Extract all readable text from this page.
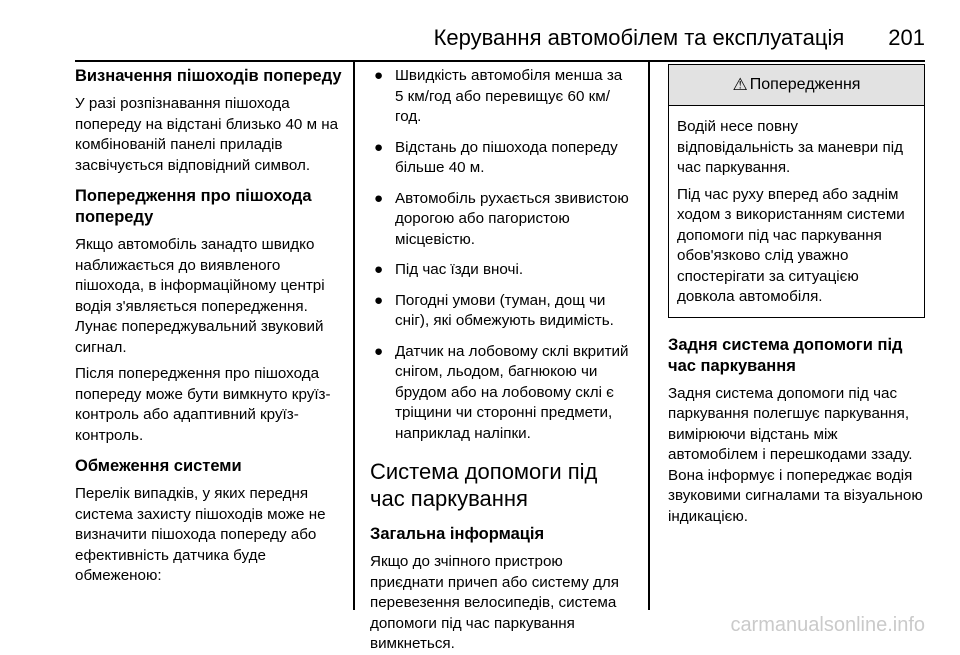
Керування автомобілем та експлуатація 201
Визначення пішоходів попереду

У разі розпізнавання пішохода попереду на відстані близько 40 м на комбінованій панелі приладів засвічується відповідний символ.

Попередження про пішохода попереду

Якщо автомобіль занадто швидко наближається до виявленого пішохода, в інформаційному центрі водія з'являється попередження. Лунає попереджувальний звуковий сигнал.

Після попередження про пішохода попереду може бути вимкнуто круїз-контроль або адаптивний круїз-контроль.

Обмеження системи

Перелік випадків, у яких передня система захисту пішоходів може не визначити пішохода попереду або ефективність датчика буде обмеженою:

● Швидкість автомобіля менша за 5 км/год або перевищує 60 км/год.
● Відстань до пішохода попереду більше 40 м.
● Автомобіль рухається звивистою дорогою або пагористою місцевістю.
● Під час їзди вночі.
● Погодні умови (туман, дощ чи сніг), які обмежують видимість.
● Датчик на лобовому склі вкритий снігом, льодом, багнюкою чи брудом або на лобовому склі є тріщини чи сторонні предмети, наприклад наліпки.
Система допомоги під час паркування
Загальна інформація

Якщо до зчіпного пристрою приєднати причеп або систему для перевезення велосипедів, система допомоги під час паркування вимкнеться.

⚠ Попередження

Водій несе повну відповідальність за маневри під час паркування.

Під час руху вперед або заднім ходом з використанням системи допомоги під час паркування обов'язково слід уважно спостерігати за ситуацією довкола автомобіля.

Задня система допомоги під час паркування

Задня система допомоги під час паркування полегшує паркування, вимірюючи відстань між автомобілем і перешкодами ззаду. Вона інформує і попереджає водія звуковими сигналами та візуальною індикацією.

carmanualsonline.info
